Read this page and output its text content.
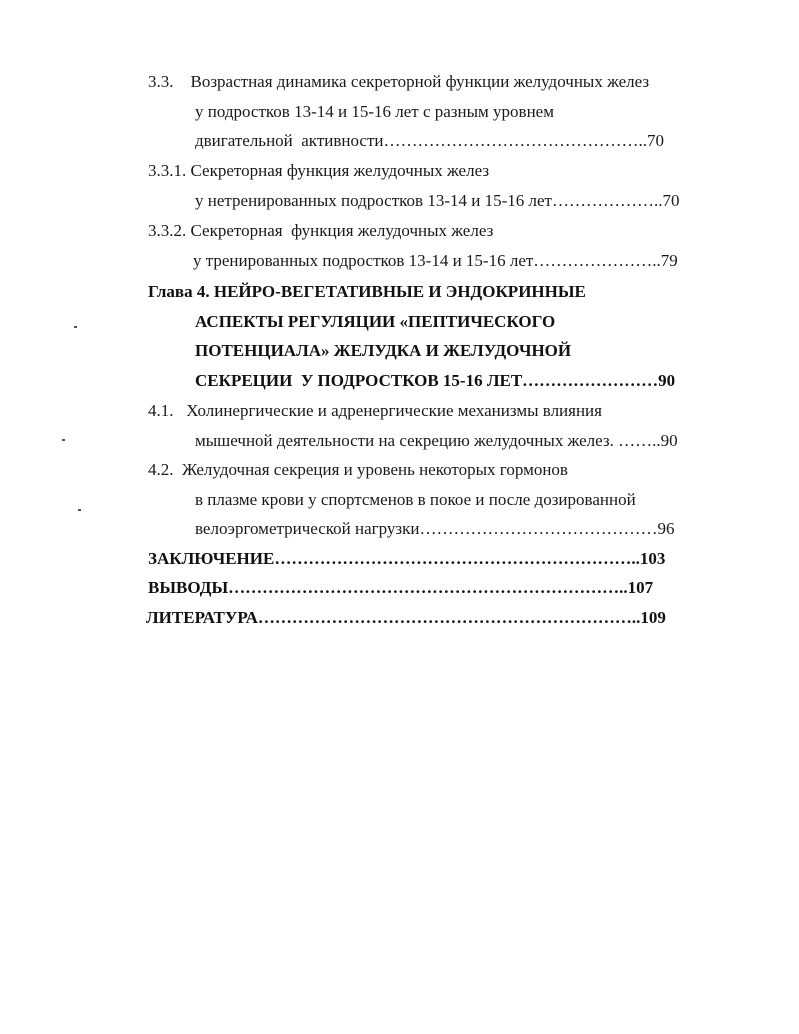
3.3.    Возрастная динамика секреторной функции желудочных желез
у подростков 13-14 и 15-16 лет с разным уровнем
двигательной  активности………………………………………..70
3.3.1. Секреторная функция желудочных желез
у нетренированных подростков 13-14 и 15-16 лет………………..70
3.3.2. Секреторная  функция желудочных желез
у тренированных подростков 13-14 и 15-16 лет…………………..79
Глава 4. НЕЙРО-ВЕГЕТАТИВНЫЕ И ЭНДОКРИННЫЕ
АСПЕКТЫ РЕГУЛЯЦИИ «ПЕПТИЧЕСКОГО
ПОТЕНЦИАЛА» ЖЕЛУДКА И ЖЕЛУДОЧНОЙ
СЕКРЕЦИИ  У ПОДРОСТКОВ 15-16 ЛЕТ……………………90
4.1.   Холинергические и адренергические механизмы влияния
мышечной деятельности на секрецию желудочных желез. ……..90
4.2.  Желудочная секреция и уровень некоторых гормонов
в плазме крови у спортсменов в покое и после дозированной
велоэргометрической нагрузки……………………………………96
ЗАКЛЮЧЕНИЕ………………………………………………………..103
ВЫВОДЫ……………………………………………………………..107
ЛИТЕРАТУРА…………………………………………………………..109
